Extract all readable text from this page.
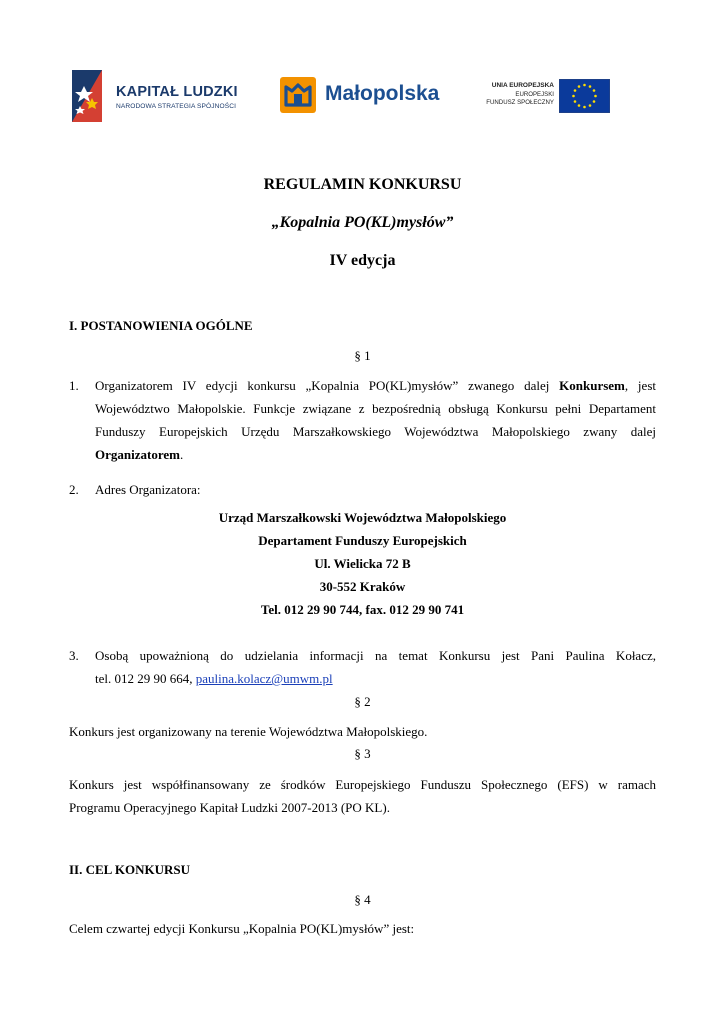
KAPITAŁ LUDZKI
NARODOWA STRATEGIA SPÓJNOŚCI
Małopolska	UNIA EUROPEJSKA
EUROPEJSKI
FUNDUSZ SPOŁECZNY
REGULAMIN KONKURSU
„Kopalnia PO(KL)mysłów”
IV edycja
I. POSTANOWIENIA OGÓLNE
§ 1
1. Organizatorem IV edycji konkursu „Kopalnia PO(KL)mysłów” zwanego dalej Konkursem, jest
Województwo Małopolskie. Funkcje związane z bezpośrednią obsługą Konkursu pełni Departament
Funduszy Europejskich Urzędu Marszałkowskiego Województwa Małopolskiego zwany dalej
Organizatorem.
2. Adres Organizatora:
Urząd Marszałkowski Województwa Małopolskiego
Departament Funduszy Europejskich
Ul. Wielicka 72 B
30-552 Kraków
Tel. 012 29 90 744, fax. 012 29 90 741
3. Osobą upoważnioną do udzielania informacji na temat Konkursu jest Pani Paulina Kołacz,
tel. 012 29 90 664, paulina.kolacz@umwm.pl
§ 2
Konkurs jest organizowany na terenie Województwa Małopolskiego.
§ 3
Konkurs jest współfinansowany ze środków Europejskiego Funduszu Społecznego (EFS) w ramach
Programu Operacyjnego Kapitał Ludzki 2007-2013 (PO KL).
II. CEL KONKURSU
§ 4
Celem czwartej edycji Konkursu „Kopalnia PO(KL)mysłów” jest:
